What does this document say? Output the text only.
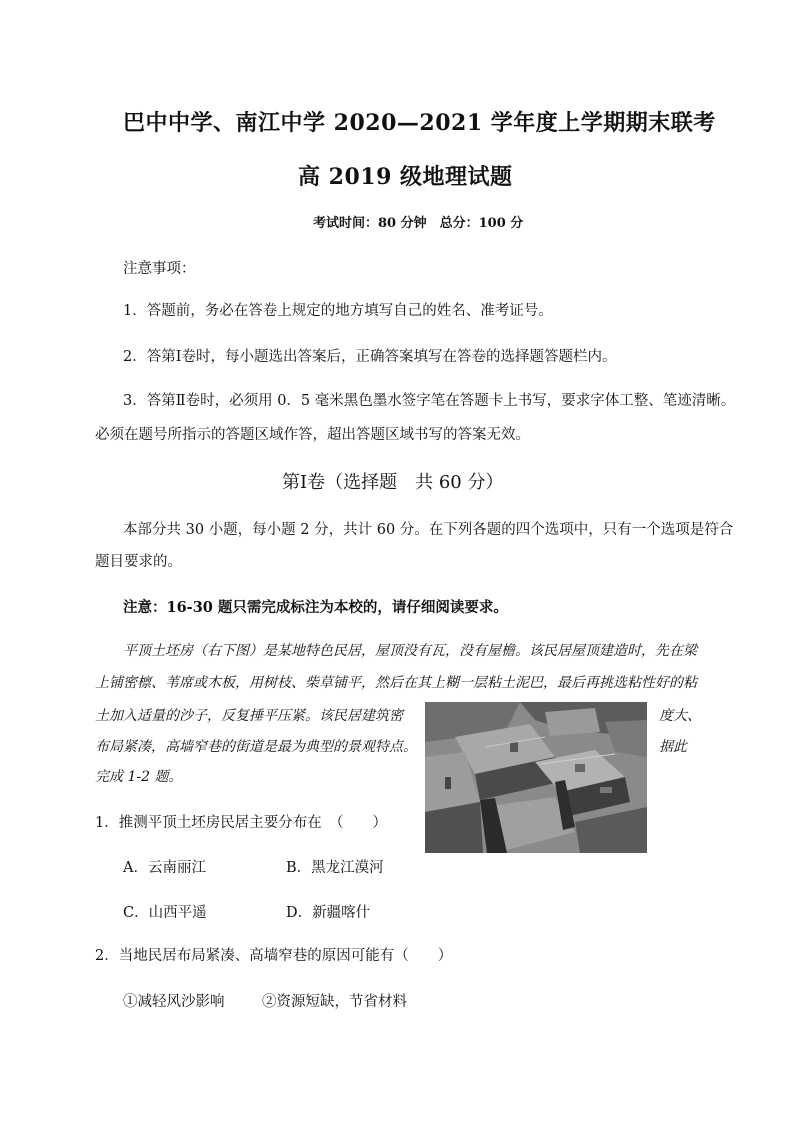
巴中中学、南江中学 2020—2021 学年度上学期期末联考
高 2019 级地理试题
考试时间：80 分钟　总分：100 分
注意事项：
1．答题前，务必在答卷上规定的地方填写自己的姓名、准考证号。
2．答第Ⅰ卷时，每小题选出答案后，正确答案填写在答卷的选择题答题栏内。
3．答第Ⅱ卷时，必须用 0．5 毫米黑色墨水签字笔在答题卡上书写，要求字体工整、笔迹清晰。
必须在题号所指示的答题区域作答，超出答题区域书写的答案无效。
第Ⅰ卷（选择题　共 60 分）
本部分共 30 小题，每小题 2 分，共计 60 分。在下列各题的四个选项中，只有一个选项是符合
题目要求的。
注意：16-30 题只需完成标注为本校的，请仔细阅读要求。
平顶土坯房（右下图）是某地特色民居，屋顶没有瓦，没有屋檐。该民居屋顶建造时，先在梁
上铺密檩、苇席或木板，用树枝、柴草铺平，然后在其上糊一层粘土泥巴，最后再挑选粘性好的粘
土加入适量的沙子，反复捶平压紧。该民居建筑密	度大、
布局紧凑，高墙窄巷的街道是最为典型的景观特点。	据此
完成 1-2 题。
1．推测平顶土坯房民居主要分布在　（　　）
A．云南丽江	B．黑龙江漠河
C．山西平遥	D．新疆喀什
2．当地民居布局紧凑、高墙窄巷的原因可能有（　　）
①减轻风沙影响	②资源短缺，节省材料
